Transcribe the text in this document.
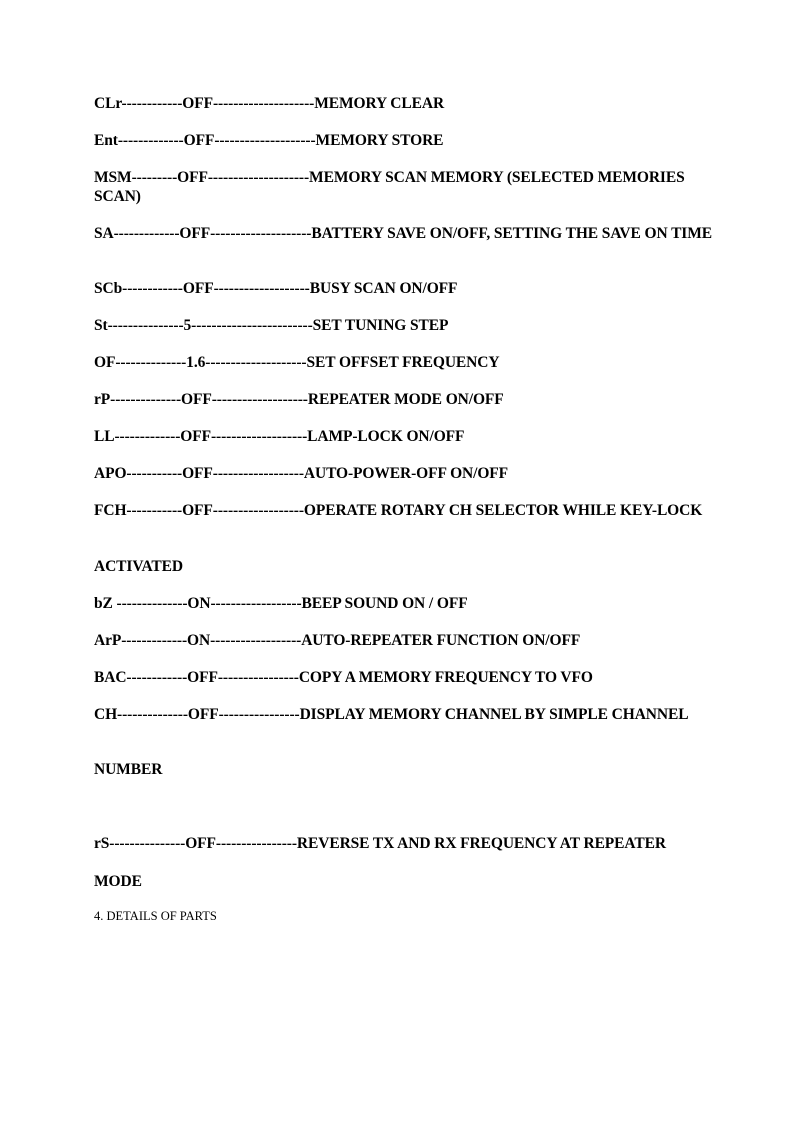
CLr------------OFF--------------------MEMORY CLEAR
Ent-------------OFF--------------------MEMORY STORE
MSM---------OFF--------------------MEMORY SCAN MEMORY (SELECTED MEMORIES SCAN)
SA-------------OFF--------------------BATTERY SAVE ON/OFF, SETTING THE SAVE ON TIME
SCb------------OFF-------------------BUSY SCAN ON/OFF
St---------------5------------------------SET TUNING STEP
OF--------------1.6--------------------SET OFFSET FREQUENCY
rP--------------OFF-------------------REPEATER MODE ON/OFF
LL-------------OFF-------------------LAMP-LOCK ON/OFF
APO-----------OFF------------------AUTO-POWER-OFF ON/OFF
FCH-----------OFF------------------OPERATE ROTARY CH SELECTOR WHILE KEY-LOCK
ACTIVATED
bZ --------------ON------------------BEEP SOUND ON / OFF
ArP-------------ON------------------AUTO-REPEATER FUNCTION ON/OFF
BAC------------OFF----------------COPY A MEMORY FREQUENCY TO VFO
CH--------------OFF----------------DISPLAY MEMORY CHANNEL BY SIMPLE CHANNEL
NUMBER
rS---------------OFF----------------REVERSE TX AND RX FREQUENCY AT REPEATER
MODE
4. DETAILS OF PARTS
